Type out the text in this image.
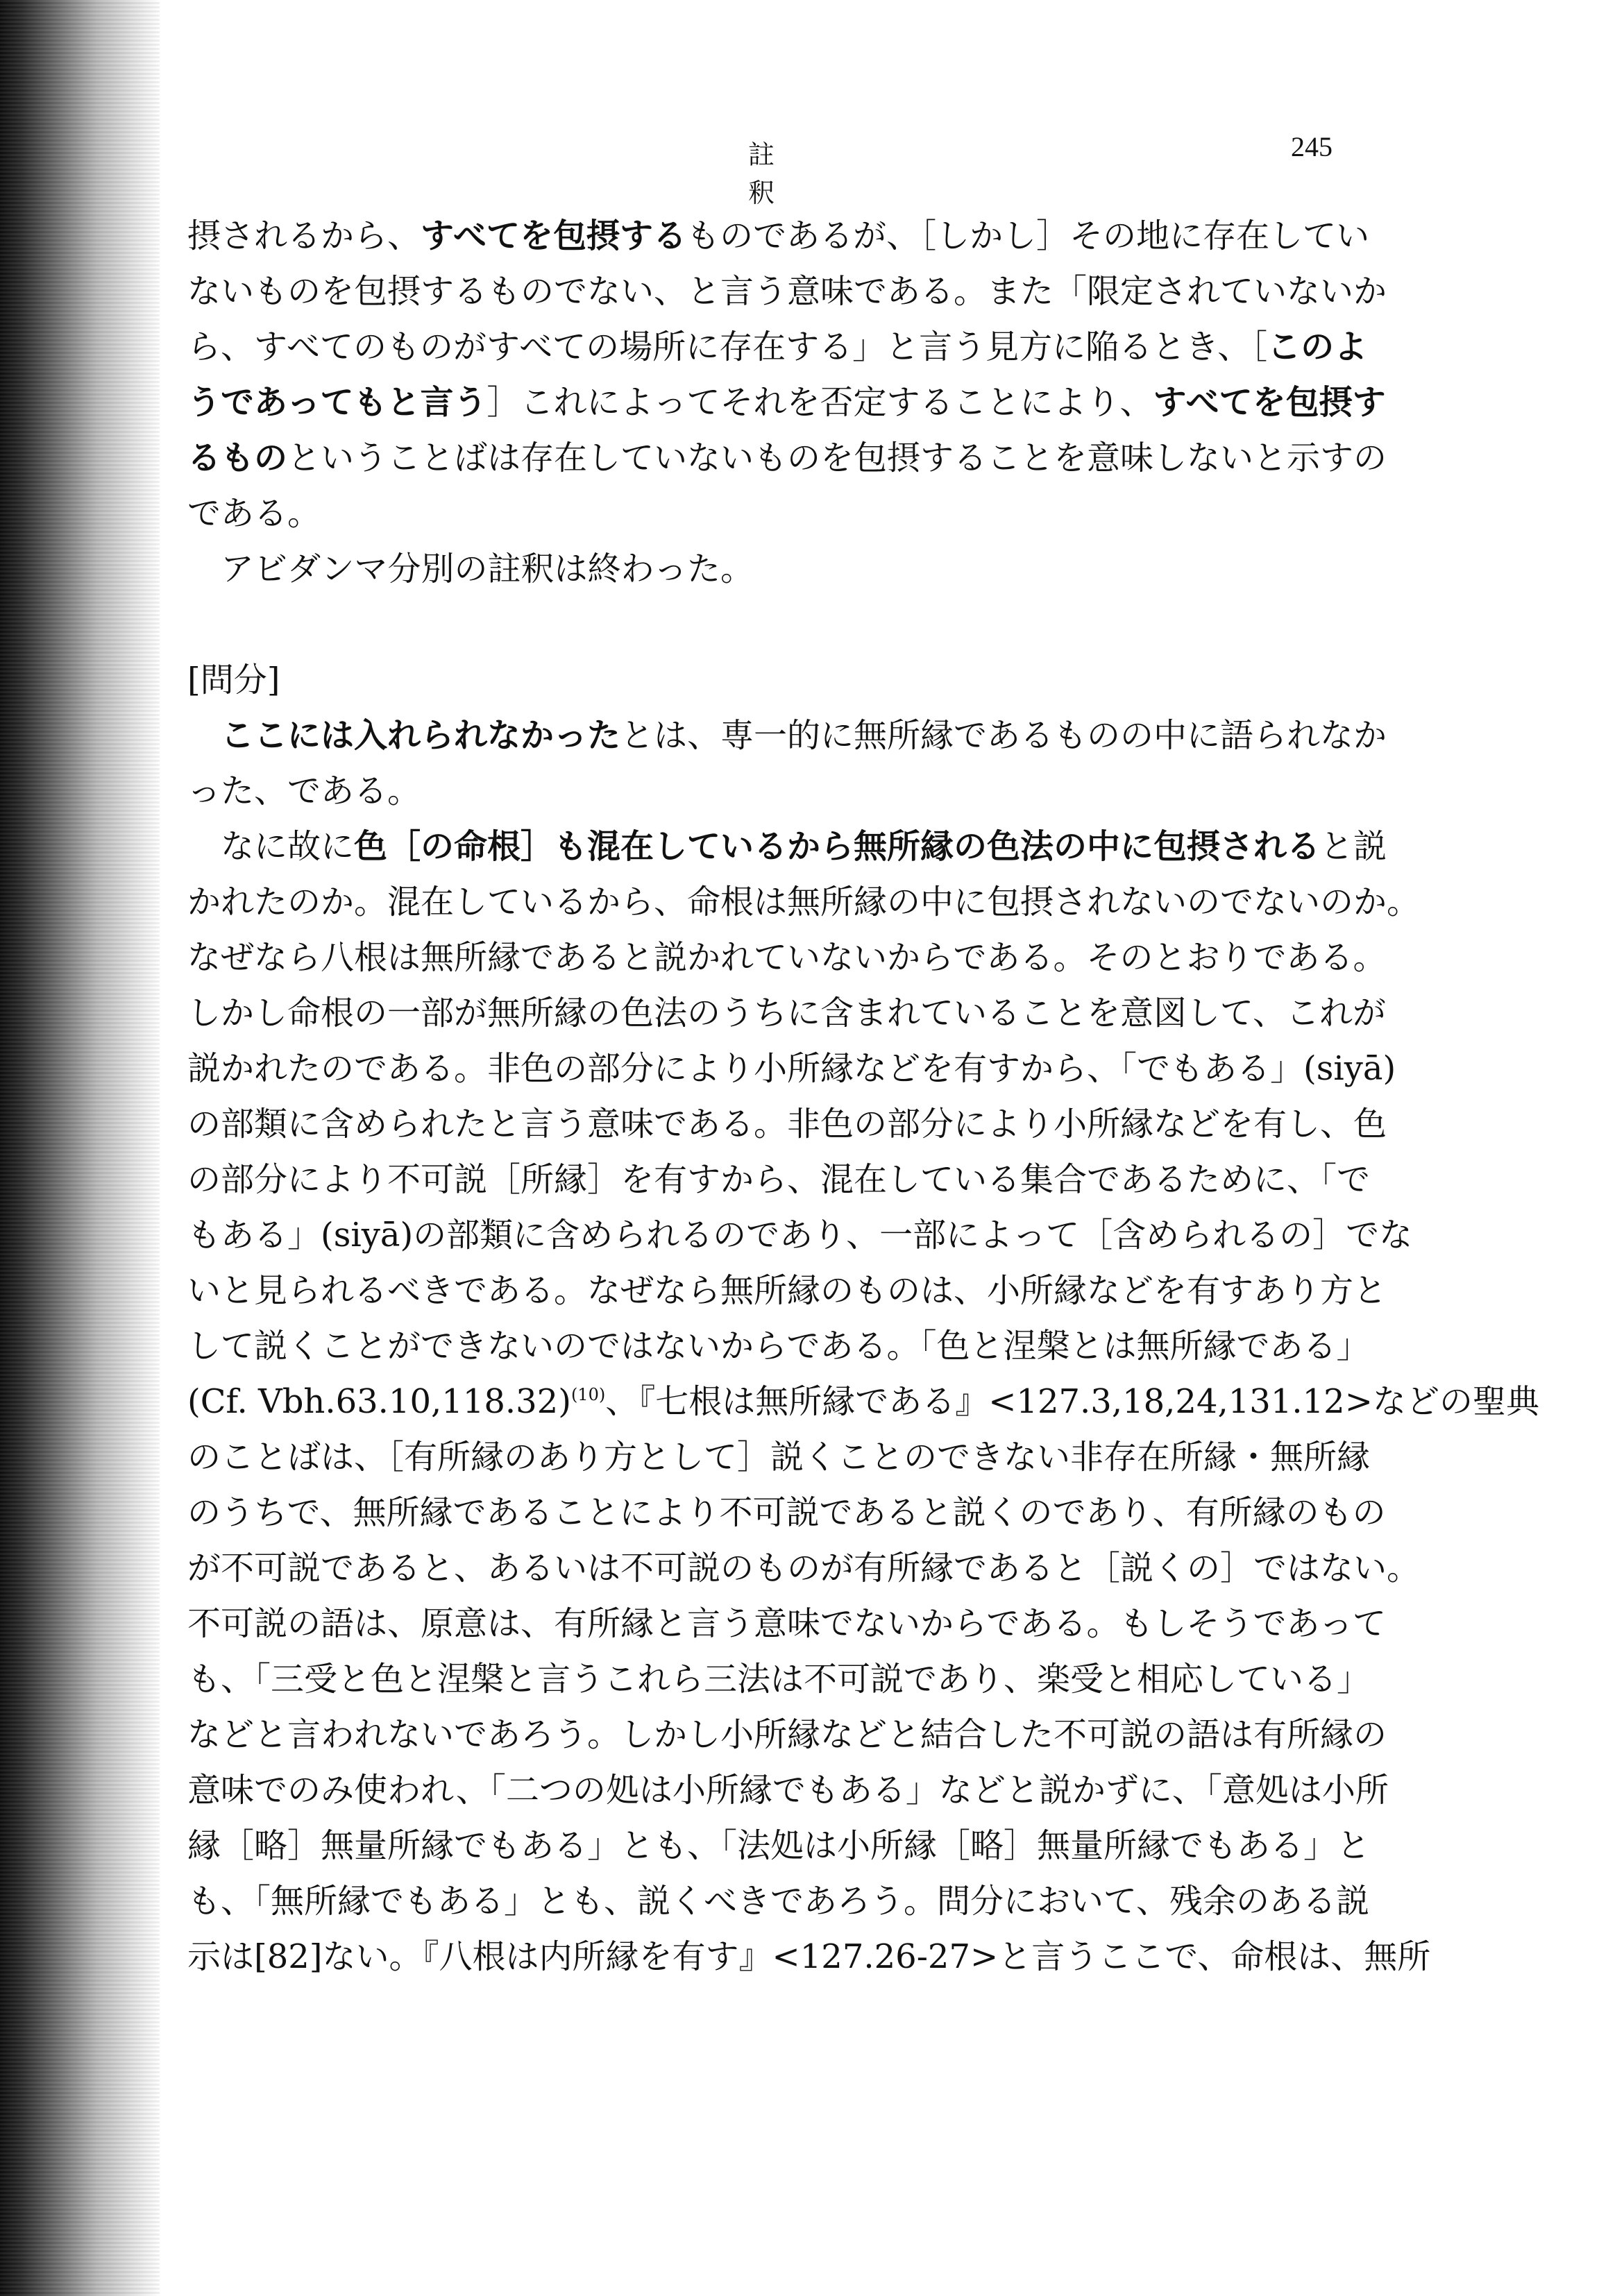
註 釈
245
摂されるから、すべてを包摂するものであるが、［しかし］その地に存在してい
ないものを包摂するものでない、と言う意味である。また「限定されていないか
ら、すべてのものがすべての場所に存在する」と言う見方に陥るとき、［このよ
うであってもと言う］これによってそれを否定することにより、すべてを包摂す
るものということばは存在していないものを包摂することを意味しないと示すの
である。
アビダンマ分別の註釈は終わった。
[問分]
ここには入れられなかったとは、専一的に無所縁であるものの中に語られなか
った、である。
なに故に色［の命根］も混在しているから無所縁の色法の中に包摂されると説
かれたのか。混在しているから、命根は無所縁の中に包摂されないのでないのか。
なぜなら八根は無所縁であると説かれていないからである。そのとおりである。
しかし命根の一部が無所縁の色法のうちに含まれていることを意図して、これが
説かれたのである。非色の部分により小所縁などを有すから、「でもある」(siyā)
の部類に含められたと言う意味である。非色の部分により小所縁などを有し、色
の部分により不可説［所縁］を有すから、混在している集合であるために、「で
もある」(siyā)の部類に含められるのであり、一部によって［含められるの］でな
いと見られるべきである。なぜなら無所縁のものは、小所縁などを有すあり方と
して説くことができないのではないからである。「色と涅槃とは無所縁である」
(Cf. Vbh.63.10,118.32)$^{(10)}$、『七根は無所縁である』<127.3,18,24,131.12>などの聖典
のことばは、［有所縁のあり方として］説くことのできない非存在所縁・無所縁
のうちで、無所縁であることにより不可説であると説くのであり、有所縁のもの
が不可説であると、あるいは不可説のものが有所縁であると［説くの］ではない。
不可説の語は、原意は、有所縁と言う意味でないからである。もしそうであって
も、「三受と色と涅槃と言うこれら三法は不可説であり、楽受と相応している」
などと言われないであろう。しかし小所縁などと結合した不可説の語は有所縁の
意味でのみ使われ、「二つの処は小所縁でもある」などと説かずに、「意処は小所
縁［略］無量所縁でもある」とも、「法処は小所縁［略］無量所縁でもある」と
も、「無所縁でもある」とも、説くべきであろう。問分において、残余のある説
示は[82]ない。『八根は内所縁を有す』<127.26-27>と言うここで、命根は、無所
